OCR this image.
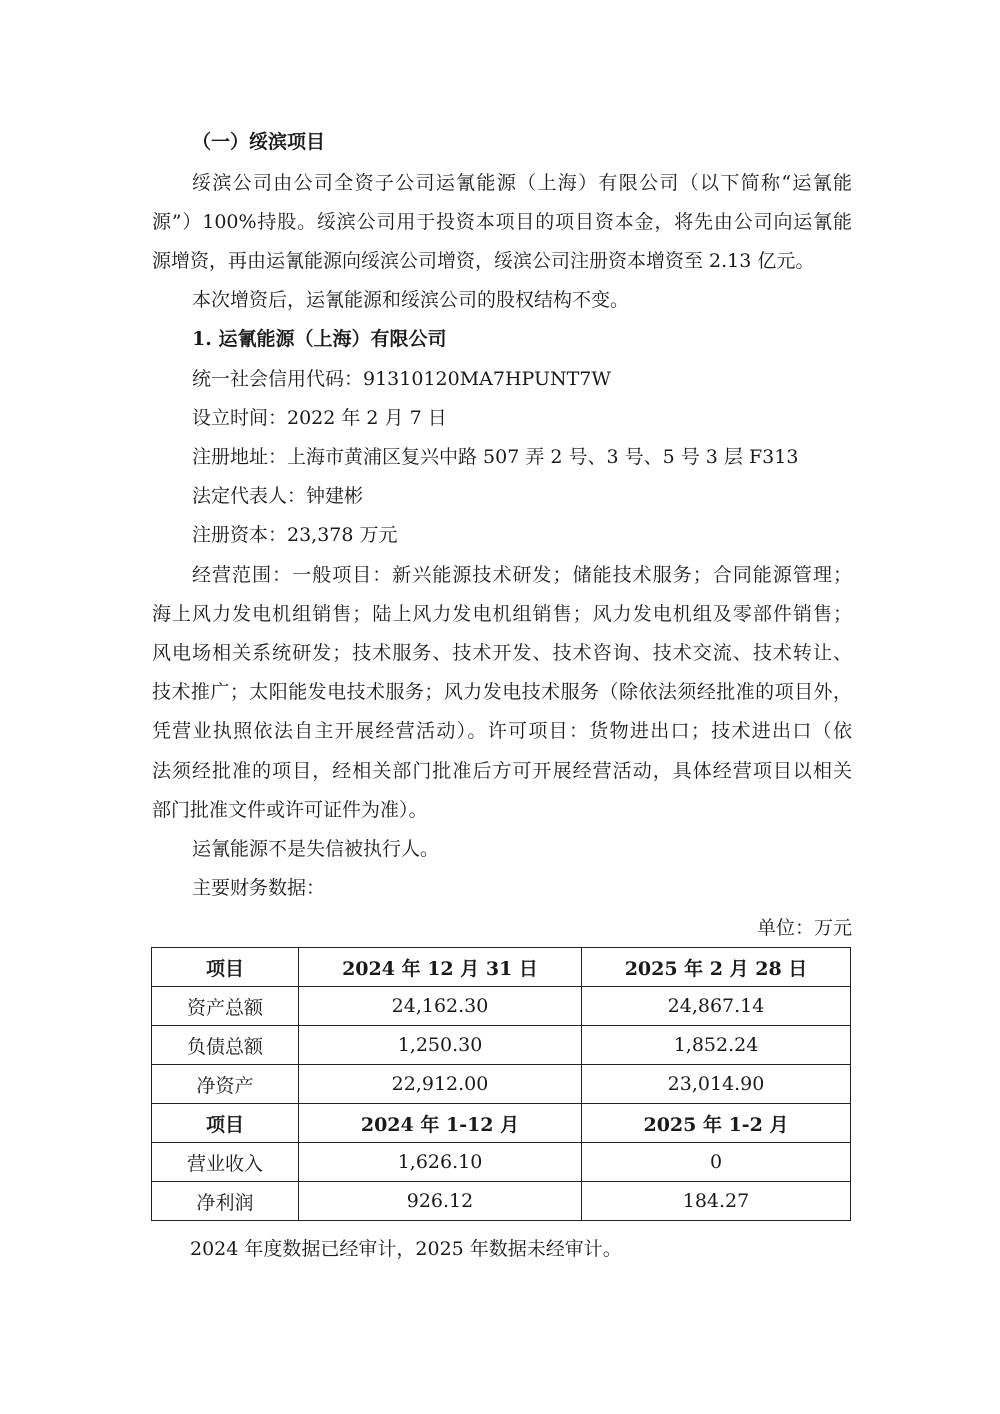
（一）绥滨项目
绥滨公司由公司全资子公司运氰能源（上海）有限公司（以下简称“运氰能
源”）100%持股。绥滨公司用于投资本项目的项目资本金，将先由公司向运氰能
源增资，再由运氰能源向绥滨公司增资，绥滨公司注册资本增资至 2.13 亿元。
本次增资后，运氰能源和绥滨公司的股权结构不变。
1. 运氰能源（上海）有限公司
统一社会信用代码：91310120MA7HPUNT7W
设立时间：2022 年 2 月 7 日
注册地址：上海市黄浦区复兴中路 507 弄 2 号、3 号、5 号 3 层 F313
法定代表人：钟建彬
注册资本：23,378 万元
经营范围：一般项目：新兴能源技术研发；储能技术服务；合同能源管理；
海上风力发电机组销售；陆上风力发电机组销售；风力发电机组及零部件销售；
风电场相关系统研发；技术服务、技术开发、技术咨询、技术交流、技术转让、
技术推广；太阳能发电技术服务；风力发电技术服务（除依法须经批准的项目外，
凭营业执照依法自主开展经营活动）。许可项目：货物进出口；技术进出口（依
法须经批准的项目，经相关部门批准后方可开展经营活动，具体经营项目以相关
部门批准文件或许可证件为准）。
运氰能源不是失信被执行人。
主要财务数据：
单位：万元
项目	2024 年 12 月 31 日	2025 年 2 月 28 日
资产总额	24,162.30	24,867.14
负债总额	1,250.30	1,852.24
净资产	22,912.00	23,014.90
项目	2024 年 1-12 月	2025 年 1-2 月
营业收入	1,626.10	0
净利润	926.12	184.27
2024 年度数据已经审计，2025 年数据未经审计。
